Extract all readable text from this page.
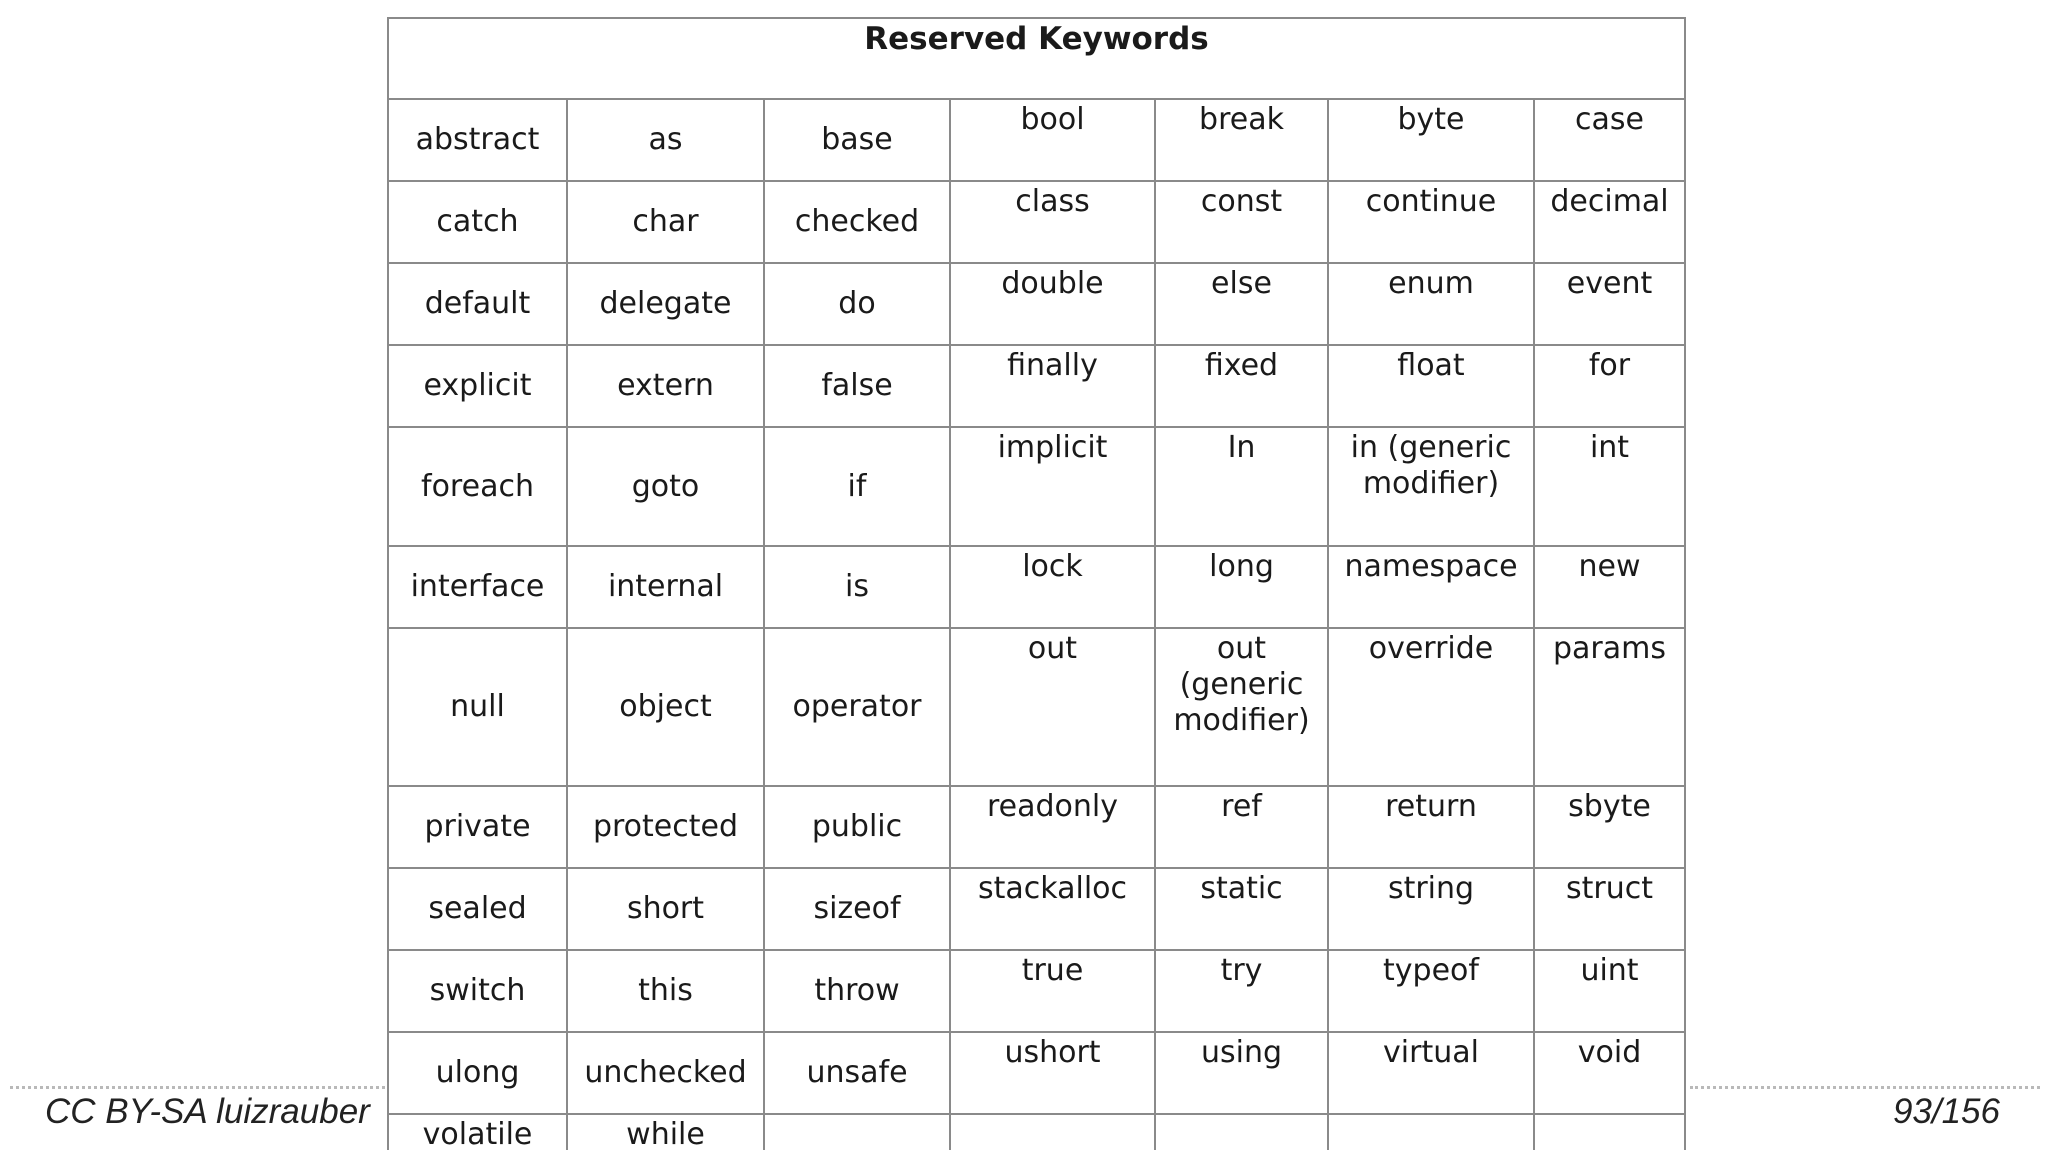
CC BY-SA luizrauber	93/156
Reserved Keywords						
abstract	as	base	bool	break	byte	case
catch	char	checked	class	const	continue	decimal
default	delegate	do	double	else	enum	event
explicit	extern	false	finally	fixed	float	for
foreach	goto	if	implicit	In	in (generic modifier)	int
interface	internal	is	lock	long	namespace	new
null	object	operator	out	out (generic modifier)	override	params
private	protected	public	readonly	ref	return	sbyte
sealed	short	sizeof	stackalloc	static	string	struct
switch	this	throw	true	try	typeof	uint
ulong	unchecked	unsafe	ushort	using	virtual	void
volatile	while					
